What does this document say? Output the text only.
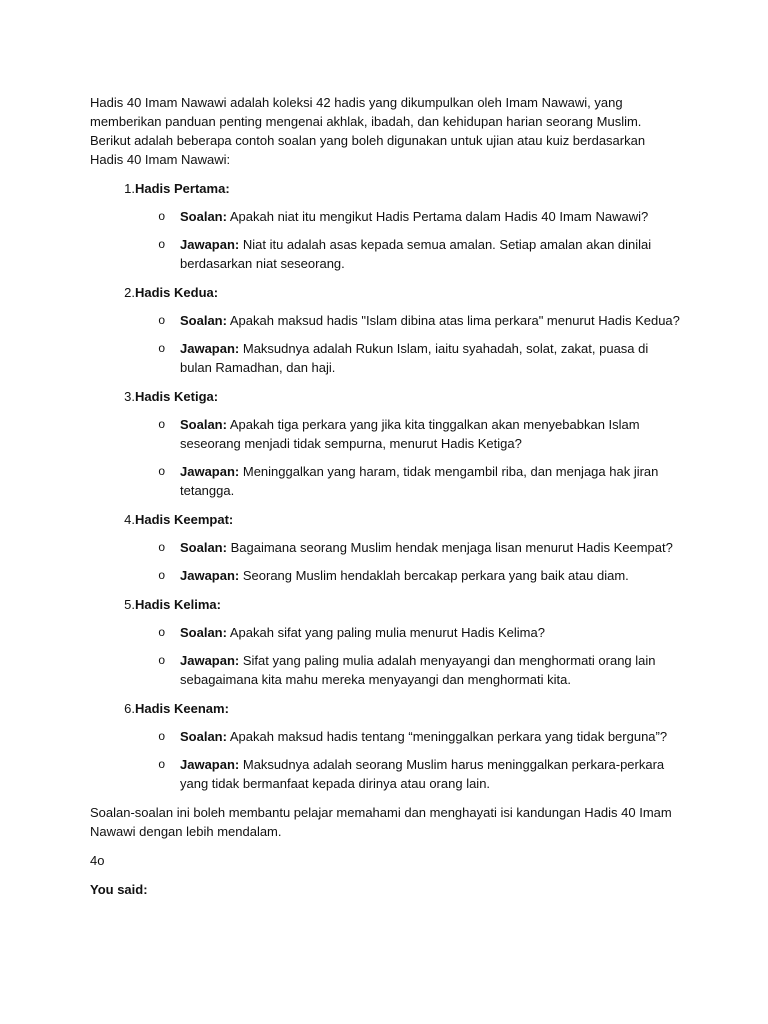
Hadis 40 Imam Nawawi adalah koleksi 42 hadis yang dikumpulkan oleh Imam Nawawi, yang memberikan panduan penting mengenai akhlak, ibadah, dan kehidupan harian seorang Muslim. Berikut adalah beberapa contoh soalan yang boleh digunakan untuk ujian atau kuiz berdasarkan Hadis 40 Imam Nawawi:

1. Hadis Pertama:
o	Soalan: Apakah niat itu mengikut Hadis Pertama dalam Hadis 40 Imam Nawawi?
o	Jawapan: Niat itu adalah asas kepada semua amalan. Setiap amalan akan dinilai berdasarkan niat seseorang.
2. Hadis Kedua:
o	Soalan: Apakah maksud hadis "Islam dibina atas lima perkara" menurut Hadis Kedua?
o	Jawapan: Maksudnya adalah Rukun Islam, iaitu syahadah, solat, zakat, puasa di bulan Ramadhan, dan haji.
3. Hadis Ketiga:
o	Soalan: Apakah tiga perkara yang jika kita tinggalkan akan menyebabkan Islam seseorang menjadi tidak sempurna, menurut Hadis Ketiga?
o	Jawapan: Meninggalkan yang haram, tidak mengambil riba, dan menjaga hak jiran tetangga.
4. Hadis Keempat:
o	Soalan: Bagaimana seorang Muslim hendak menjaga lisan menurut Hadis Keempat?
o	Jawapan: Seorang Muslim hendaklah bercakap perkara yang baik atau diam.
5. Hadis Kelima:
o	Soalan: Apakah sifat yang paling mulia menurut Hadis Kelima?
o	Jawapan: Sifat yang paling mulia adalah menyayangi dan menghormati orang lain sebagaimana kita mahu mereka menyayangi dan menghormati kita.
6. Hadis Keenam:
o	Soalan: Apakah maksud hadis tentang “meninggalkan perkara yang tidak berguna”?
o	Jawapan: Maksudnya adalah seorang Muslim harus meninggalkan perkara-perkara yang tidak bermanfaat kepada dirinya atau orang lain.

Soalan-soalan ini boleh membantu pelajar memahami dan menghayati isi kandungan Hadis 40 Imam Nawawi dengan lebih mendalam.

4o

You said:
